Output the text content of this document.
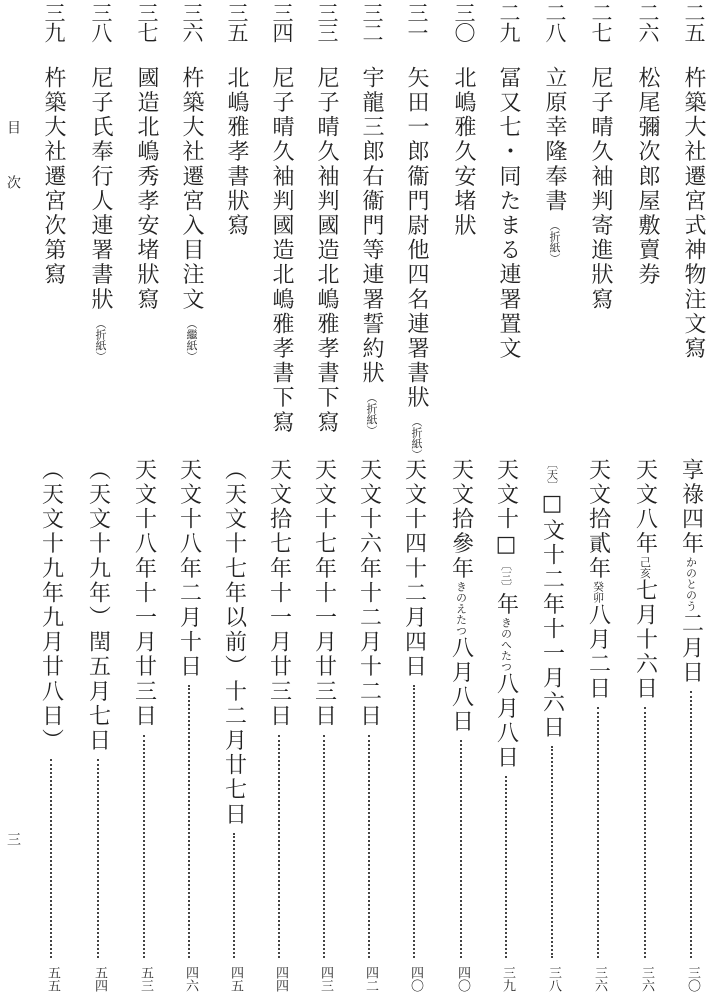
目
次
三
二五
杵築大社遷宮式神物注文寫
享祿四年かのとのう二月日
三〇
二六
松尾彌次郎屋敷賣券
天文八年己亥七月十六日
三六
二七
尼子晴久袖判寄進狀寫
天文拾貳年癸卯八月二日
三六
二八
立原幸隆奉書（折紙）
〔天〕□文十二年十一月六日
三八
二九
冨又七・同たまる連署置文
天文十□〔三〕年きのへたつ八月八日
三九
三〇
北嶋雅久安堵狀
天文拾參年きのえたつ八月八日
四〇
三一
矢田一郎衞門尉他四名連署書狀（折紙）
天文十四十二月四日
四〇
三二
宇龍三郎右衞門等連署誓約狀（折紙）
天文十六年十二月十二日
四二
三三
尼子晴久袖判國造北嶋雅孝書下寫
天文十七年十一月廿三日
四三
三四
尼子晴久袖判國造北嶋雅孝書下寫
天文拾七年十一月廿三日
四四
三五
北嶋雅孝書狀寫
（天文十七年以前）十二月廿七日
四五
三六
杵築大社遷宮入目注文（繼紙）
天文十八年二月十日
四六
三七
國造北嶋秀孝安堵狀寫
天文十八年十一月廿三日
五三
三八
尼子氏奉行人連署書狀（折紙）
（天文十九年）閏五月七日
五四
三九
杵築大社遷宮次第寫
（天文十九年九月廿八日）
五五
